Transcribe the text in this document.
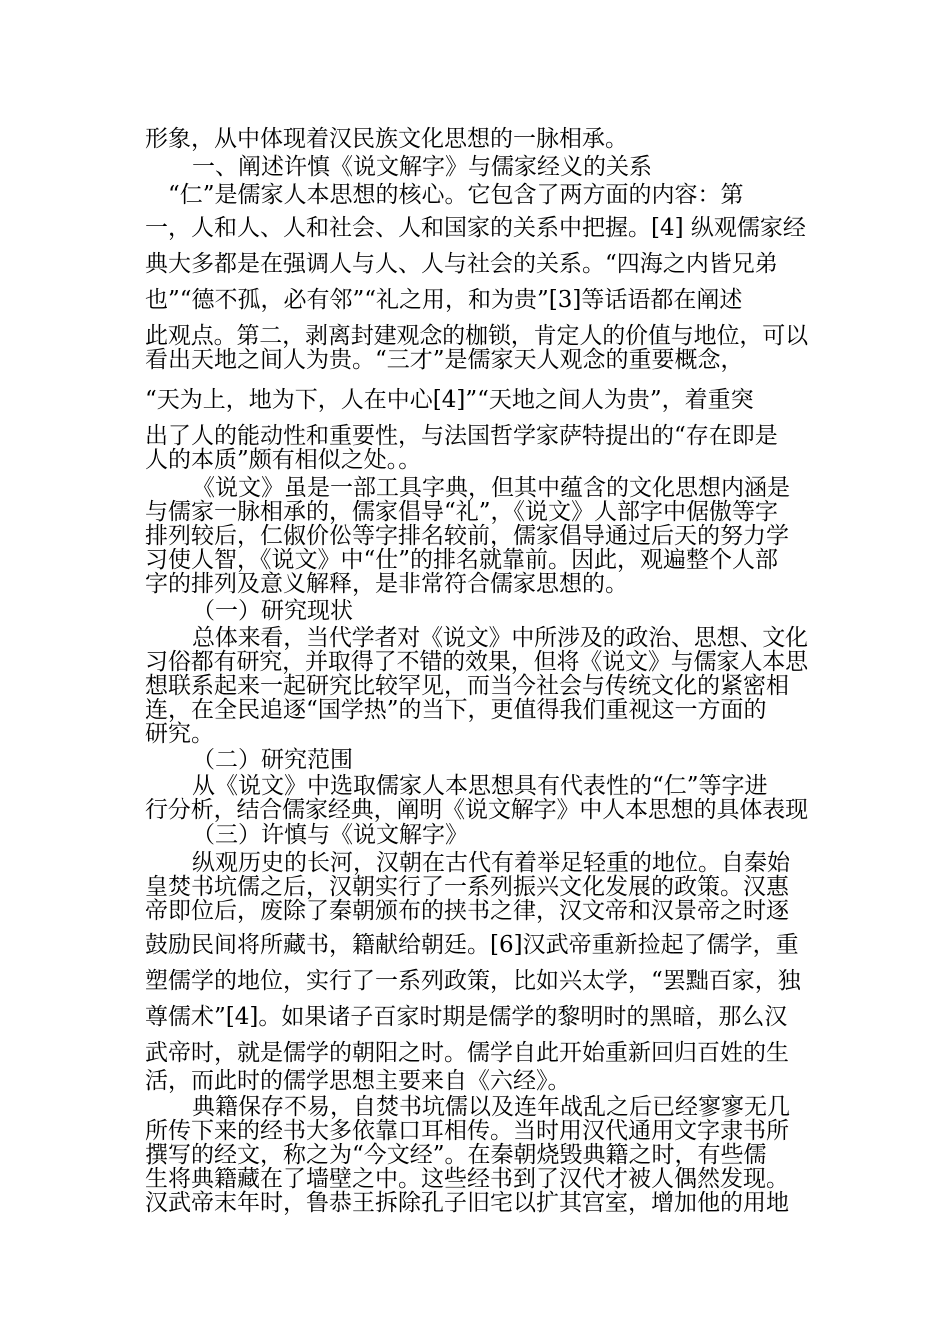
形象，从中体现着汉民族文化思想的一脉相承。
一、阐述许慎《说文解字》与儒家经义的关系
“仁”是儒家人本思想的核心。它包含了两方面的内容：第
一，人和人、人和社会、人和国家的关系中把握。[4] 纵观儒家经
典大多都是在强调人与人、人与社会的关系。“四海之内皆兄弟
也”“德不孤，必有邻”“礼之用，和为贵”[3]等话语都在阐述
此观点。第二，剥离封建观念的枷锁，肯定人的价值与地位，可以
看出天地之间人为贵。“三才”是儒家天人观念的重要概念，
“天为上，地为下，人在中心[4]”“天地之间人为贵”，着重突
出了人的能动性和重要性，与法国哲学家萨特提出的“存在即是
人的本质”颇有相似之处。。
《说文》虽是一部工具字典，但其中蕴含的文化思想内涵是
与儒家一脉相承的，儒家倡导“礼”，《说文》人部字中倨傲等字
排列较后，仁俶价伀等字排名较前，儒家倡导通过后天的努力学
习使人智，《说文》中“仕”的排名就靠前。因此，观遍整个人部
字的排列及意义解释，是非常符合儒家思想的。
（一）研究现状
总体来看，当代学者对《说文》中所涉及的政治、思想、文化
习俗都有研究，并取得了不错的效果，但将《说文》与儒家人本思
想联系起来一起研究比较罕见，而当今社会与传统文化的紧密相
连，在全民追逐“国学热”的当下，更值得我们重视这一方面的
研究。
（二）研究范围
从《说文》中选取儒家人本思想具有代表性的“仁”等字进
行分析，结合儒家经典，阐明《说文解字》中人本思想的具体表现
（三）许慎与《说文解字》
纵观历史的长河，汉朝在古代有着举足轻重的地位。自秦始
皇焚书坑儒之后，汉朝实行了一系列振兴文化发展的政策。汉惠
帝即位后，废除了秦朝颁布的挟书之律，汉文帝和汉景帝之时逐
鼓励民间将所藏书，籍献给朝廷。[6]汉武帝重新捡起了儒学，重
塑儒学的地位，实行了一系列政策，比如兴太学，“罢黜百家，独
尊儒术”[4]。如果诸子百家时期是儒学的黎明时的黑暗，那么汉
武帝时，就是儒学的朝阳之时。儒学自此开始重新回归百姓的生
活，而此时的儒学思想主要来自《六经》。
典籍保存不易，自焚书坑儒以及连年战乱之后已经寥寥无几
所传下来的经书大多依靠口耳相传。当时用汉代通用文字隶书所
撰写的经文，称之为“今文经”。在秦朝烧毁典籍之时，有些儒
生将典籍藏在了墙壁之中。这些经书到了汉代才被人偶然发现。
汉武帝末年时，鲁恭王拆除孔子旧宅以扩其宫室，增加他的用地
